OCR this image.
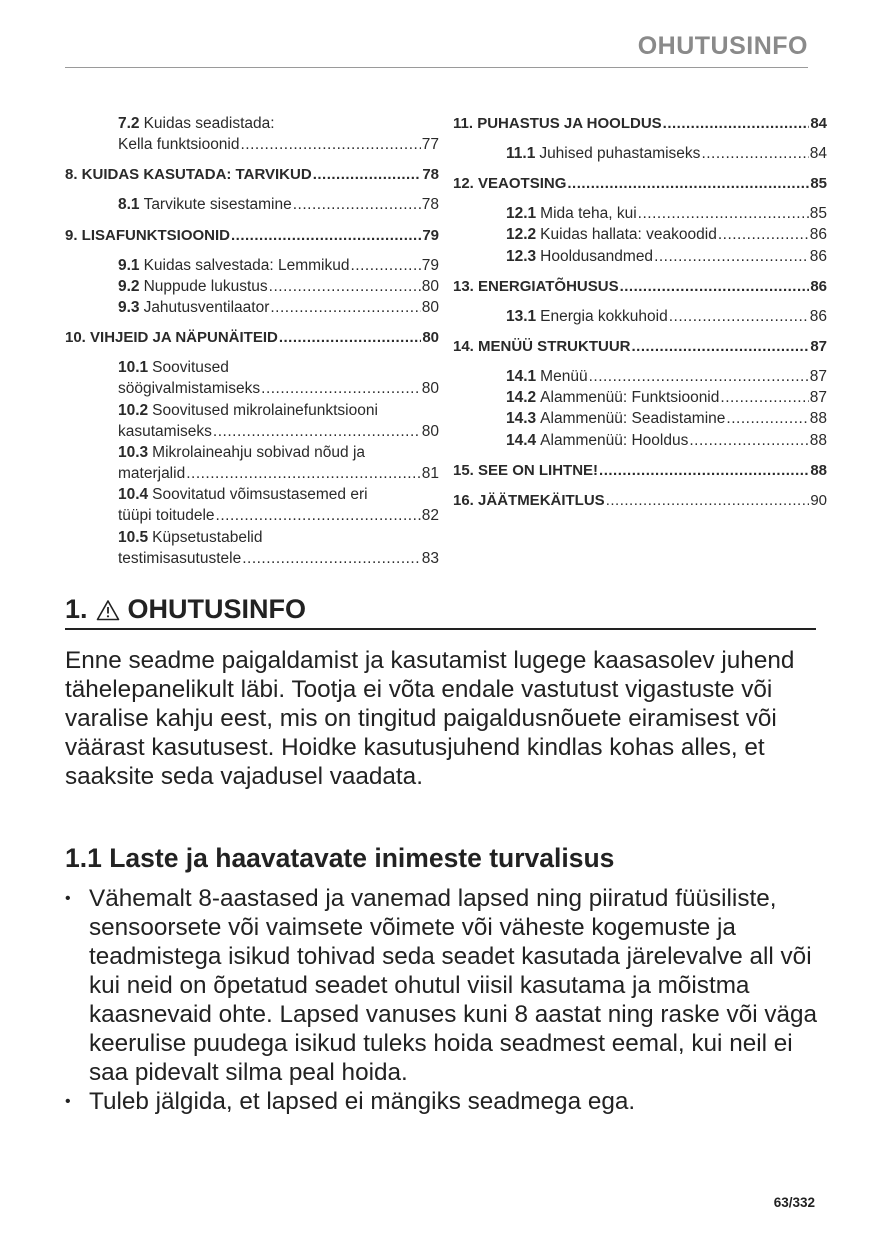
OHUTUSINFO
7.2 Kuidas seadistada:
Kella funktsioonid .....	77
8. KUIDAS KASUTADA: TARVIKUD .....	78
8.1 Tarvikute sisestamine .....	78
9. LISAFUNKTSIOONID .....	79
9.1 Kuidas salvestada: Lemmikud .....	79
9.2 Nuppude lukustus .....	80
9.3 Jahutusventilaator .....	80
10. VIHJEID JA NÄPUNÄITEID .....	80
10.1 Soovitused
söögivalmistamiseks .....	80
10.2 Soovitused mikrolainefunktsiooni
kasutamiseks .....	80
10.3 Mikrolaineahju sobivad nõud ja
materjalid .....	81
10.4 Soovitatud võimsustasemed eri
tüüpi toitudele .....	82
10.5 Küpsetustabelid
testimisasutustele .....	83
11. PUHASTUS JA HOOLDUS .....	84
11.1 Juhised puhastamiseks .....	84
12. VEAOTSING .....	85
12.1 Mida teha, kui .....	85
12.2 Kuidas hallata: veakoodid .....	86
12.3 Hooldusandmed .....	86
13. ENERGIATÕHUSUS .....	86
13.1 Energia kokkuhoid .....	86
14. MENÜÜ STRUKTUUR .....	87
14.1 Menüü .....	87
14.2 Alammenüü: Funktsioonid .....	87
14.3 Alammenüü: Seadistamine .....	88
14.4 Alammenüü: Hooldus .....	88
15. SEE ON LIHTNE! .....	88
16. JÄÄTMEKÄITLUS .....	90
1. OHUTUSINFO
Enne seadme paigaldamist ja kasutamist lugege kaasasolev juhend tähelepanelikult läbi. Tootja ei võta endale vastutust vigastuste või varalise kahju eest, mis on tingitud paigaldusnõuete eiramisest või väärast kasutusest. Hoidke kasutusjuhend kindlas kohas alles, et saaksite seda vajadusel vaadata.
1.1 Laste ja haavatavate inimeste turvalisus
• Vähemalt 8-aastased ja vanemad lapsed ning piiratud füüsiliste, sensoorsete või vaimsete võimete või väheste kogemuste ja teadmistega isikud tohivad seda seadet kasutada järelevalve all või kui neid on õpetatud seadet ohutul viisil kasutama ja mõistma kaasnevaid ohte. Lapsed vanuses kuni 8 aastat ning raske või väga keerulise puudega isikud tuleks hoida seadmest eemal, kui neil ei saa pidevalt silma peal hoida.
• Tuleb jälgida, et lapsed ei mängiks seadmega ega.
63/332
